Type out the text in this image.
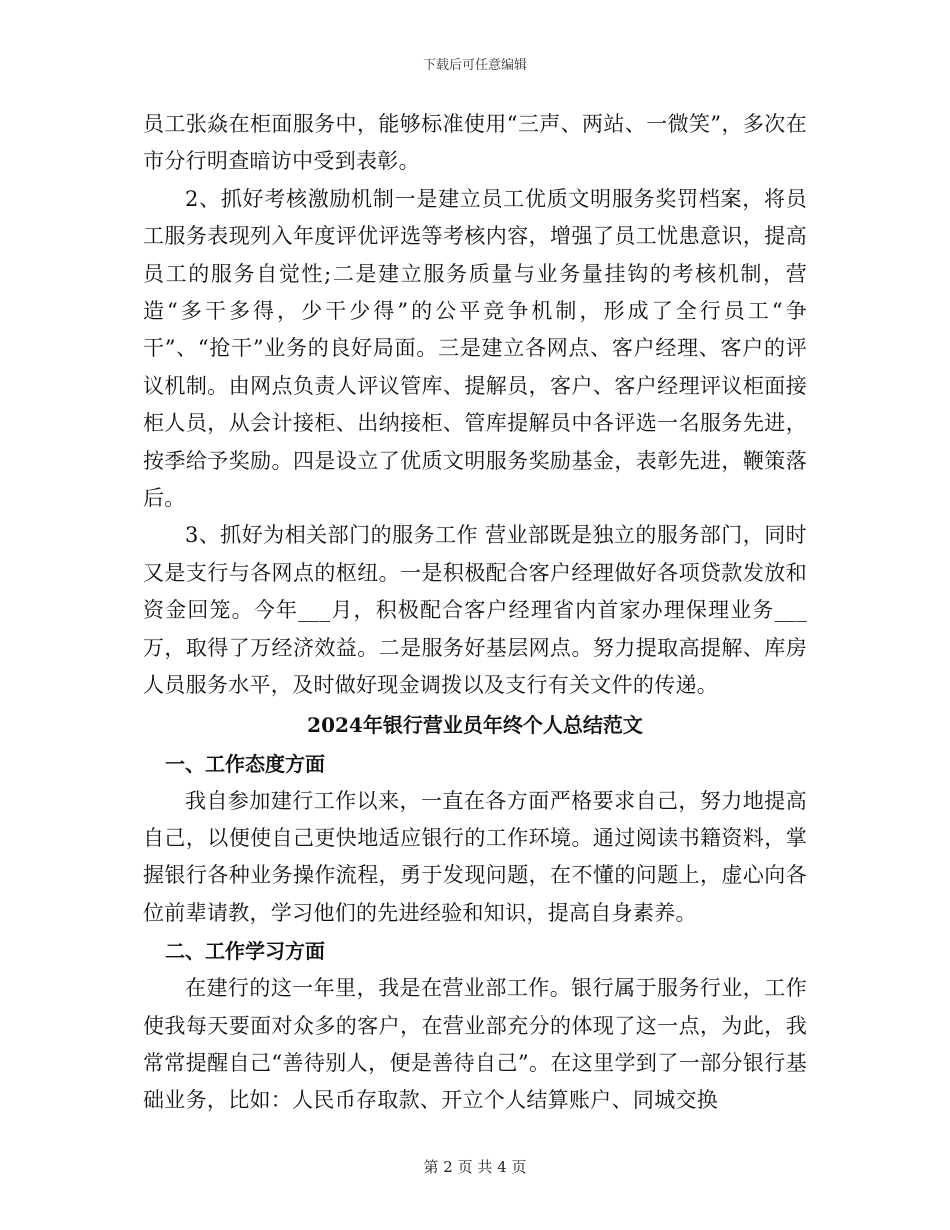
下载后可任意编辑

员工张焱在柜面服务中，能够标准使用“三声、两站、一微笑”，多次在市分行明查暗访中受到表彰。

2、抓好考核激励机制一是建立员工优质文明服务奖罚档案，将员工服务表现列入年度评优评选等考核内容，增强了员工忧患意识，提高员工的服务自觉性;二是建立服务质量与业务量挂钩的考核机制，营造“多干多得，少干少得”的公平竞争机制，形成了全行员工“争干”、“抢干”业务的良好局面。三是建立各网点、客户经理、客户的评议机制。由网点负责人评议管库、提解员，客户、客户经理评议柜面接柜人员，从会计接柜、出纳接柜、管库提解员中各评选一名服务先进，按季给予奖励。四是设立了优质文明服务奖励基金，表彰先进，鞭策落后。

3、抓好为相关部门的服务工作 营业部既是独立的服务部门，同时又是支行与各网点的枢纽。一是积极配合客户经理做好各项贷款发放和资金回笼。今年___月，积极配合客户经理省内首家办理保理业务___万，取得了万经济效益。二是服务好基层网点。努力提取高提解、库房人员服务水平，及时做好现金调拨以及支行有关文件的传递。

2024年银行营业员年终个人总结范文
一、工作态度方面

我自参加建行工作以来，一直在各方面严格要求自己，努力地提高自己，以便使自己更快地适应银行的工作环境。通过阅读书籍资料，掌握银行各种业务操作流程，勇于发现问题，在不懂的问题上，虚心向各位前辈请教，学习他们的先进经验和知识，提高自身素养。

二、工作学习方面

在建行的这一年里，我是在营业部工作。银行属于服务行业，工作使我每天要面对众多的客户，在营业部充分的体现了这一点，为此，我常常提醒自己“善待别人，便是善待自己”。在这里学到了一部分银行基础业务，比如：人民币存取款、开立个人结算账户、同城交换

第 2 页 共 4 页
